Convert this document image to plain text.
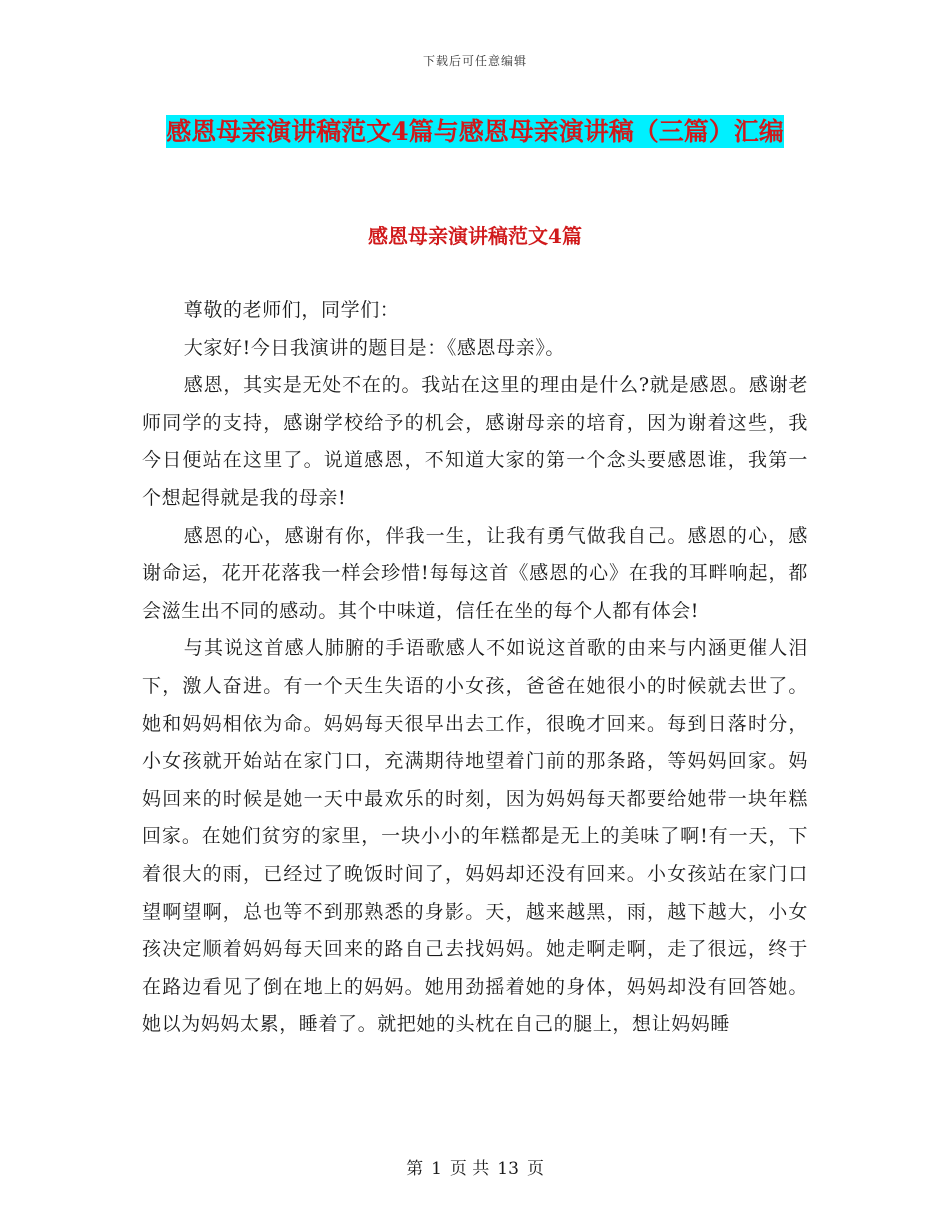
下载后可任意编辑
感恩母亲演讲稿范文4篇与感恩母亲演讲稿（三篇）汇编
感恩母亲演讲稿范文4篇

尊敬的老师们，同学们：

大家好!今日我演讲的题目是：《感恩母亲》。

感恩，其实是无处不在的。我站在这里的理由是什么?就是感恩。感谢老师同学的支持，感谢学校给予的机会，感谢母亲的培育，因为谢着这些，我今日便站在这里了。说道感恩，不知道大家的第一个念头要感恩谁，我第一个想起得就是我的母亲!

感恩的心，感谢有你，伴我一生，让我有勇气做我自己。感恩的心，感谢命运，花开花落我一样会珍惜!每每这首《感恩的心》在我的耳畔响起，都会滋生出不同的感动。其个中味道，信任在坐的每个人都有体会!

与其说这首感人肺腑的手语歌感人不如说这首歌的由来与内涵更催人泪下，激人奋进。有一个天生失语的小女孩，爸爸在她很小的时候就去世了。她和妈妈相依为命。妈妈每天很早出去工作，很晚才回来。每到日落时分，小女孩就开始站在家门口，充满期待地望着门前的那条路，等妈妈回家。妈妈回来的时候是她一天中最欢乐的时刻，因为妈妈每天都要给她带一块年糕回家。在她们贫穷的家里，一块小小的年糕都是无上的美味了啊!有一天，下着很大的雨，已经过了晚饭时间了，妈妈却还没有回来。小女孩站在家门口望啊望啊，总也等不到那熟悉的身影。天，越来越黑，雨，越下越大，小女孩决定顺着妈妈每天回来的路自己去找妈妈。她走啊走啊，走了很远，终于在路边看见了倒在地上的妈妈。她用劲摇着她的身体，妈妈却没有回答她。她以为妈妈太累，睡着了。就把她的头枕在自己的腿上，想让妈妈睡

第 1 页 共 13 页
